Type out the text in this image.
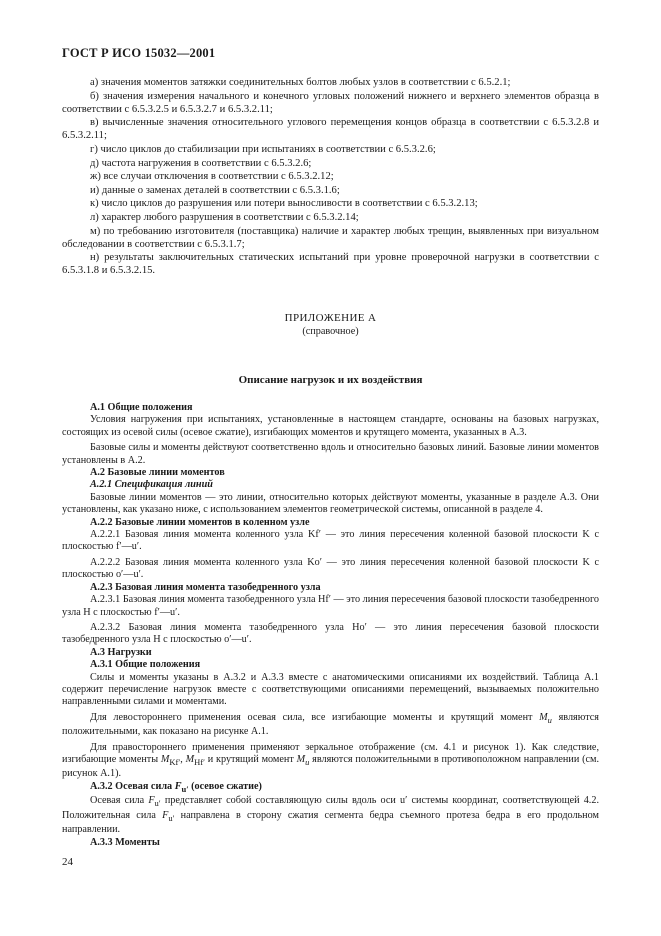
ГОСТ Р ИСО 15032—2001

а) значения моментов затяжки соединительных болтов любых узлов в соответствии с 6.5.2.1;

б) значения измерения начального и конечного угловых положений нижнего и верхнего элементов образца в соответствии с 6.5.3.2.5 и 6.5.3.2.7 и 6.5.3.2.11;

в) вычисленные значения относительного углового перемещения концов образца в соответствии с 6.5.3.2.8 и 6.5.3.2.11;

г) число циклов до стабилизации при испытаниях в соответствии с 6.5.3.2.6;

д) частота нагружения в соответствии с 6.5.3.2.6;

ж) все случаи отключения в соответствии с 6.5.3.2.12;

и) данные о заменах деталей в соответствии с 6.5.3.1.6;

к) число циклов до разрушения или потери выносливости в соответствии с 6.5.3.2.13;

л) характер любого разрушения в соответствии с 6.5.3.2.14;

м) по требованию изготовителя (поставщика) наличие и характер любых трещин, выявленных при визуальном обследовании в соответствии с 6.5.3.1.7;

н) результаты заключительных статических испытаний при уровне проверочной нагрузки в соответствии с 6.5.3.1.8 и 6.5.3.2.15.

ПРИЛОЖЕНИЕ А
(справочное)
Описание нагрузок и их воздействия

А.1 Общие положения

Условия нагружения при испытаниях, установленные в настоящем стандарте, основаны на базовых нагрузках, состоящих из осевой силы (осевое сжатие), изгибающих моментов и крутящего момента, указанных в А.3.

Базовые силы и моменты действуют соответственно вдоль и относительно базовых линий. Базовые линии моментов установлены в А.2.

А.2 Базовые линии моментов

А.2.1 Спецификация линий

Базовые линии моментов — это линии, относительно которых действуют моменты, указанные в разделе А.3. Они установлены, как указано ниже, с использованием элементов геометрической системы, описанной в разделе 4.

А.2.2 Базовые линии моментов в коленном узле

А.2.2.1 Базовая линия момента коленного узла Kf′ — это линия пересечения коленной базовой плоскости K с плоскостью f′—u′.

А.2.2.2 Базовая линия момента коленного узла Ko′ — это линия пересечения коленной базовой плоскости K с плоскостью o′—u′.

А.2.3 Базовая линия момента тазобедренного узла

А.2.3.1 Базовая линия момента тазобедренного узла Hf′ — это линия пересечения базовой плоскости тазобедренного узла H с плоскостью f′—u′.

А.2.3.2 Базовая линия момента тазобедренного узла Ho′ — это линия пересечения базовой плоскости тазобедренного узла H с плоскостью o′—u′.

А.3 Нагрузки

А.3.1 Общие положения

Силы и моменты указаны в А.3.2 и А.3.3 вместе с анатомическими описаниями их воздействий. Таблица А.1 содержит перечисление нагрузок вместе с соответствующими описаниями перемещений, вызываемых положительно направленными силами и моментами.

Для левостороннего применения осевая сила, все изгибающие моменты и крутящий момент $M_u$ являются положительными, как показано на рисунке А.1.

Для правостороннего применения применяют зеркальное отображение (см. 4.1 и рисунок 1). Как следствие, изгибающие моменты $M_{Kf'}$, $M_{Hf'}$ и крутящий момент $M_u$ являются положительными в противоположном направлении (см. рисунок А.1).

А.3.2 Осевая сила $F_{u'}$ (осевое сжатие)

Осевая сила $F_{u'}$ представляет собой составляющую силы вдоль оси u′ системы координат, соответствующей 4.2. Положительная сила $F_{u'}$ направлена в сторону сжатия сегмента бедра съемного протеза бедра в его продольном направлении.

А.3.3 Моменты

24
